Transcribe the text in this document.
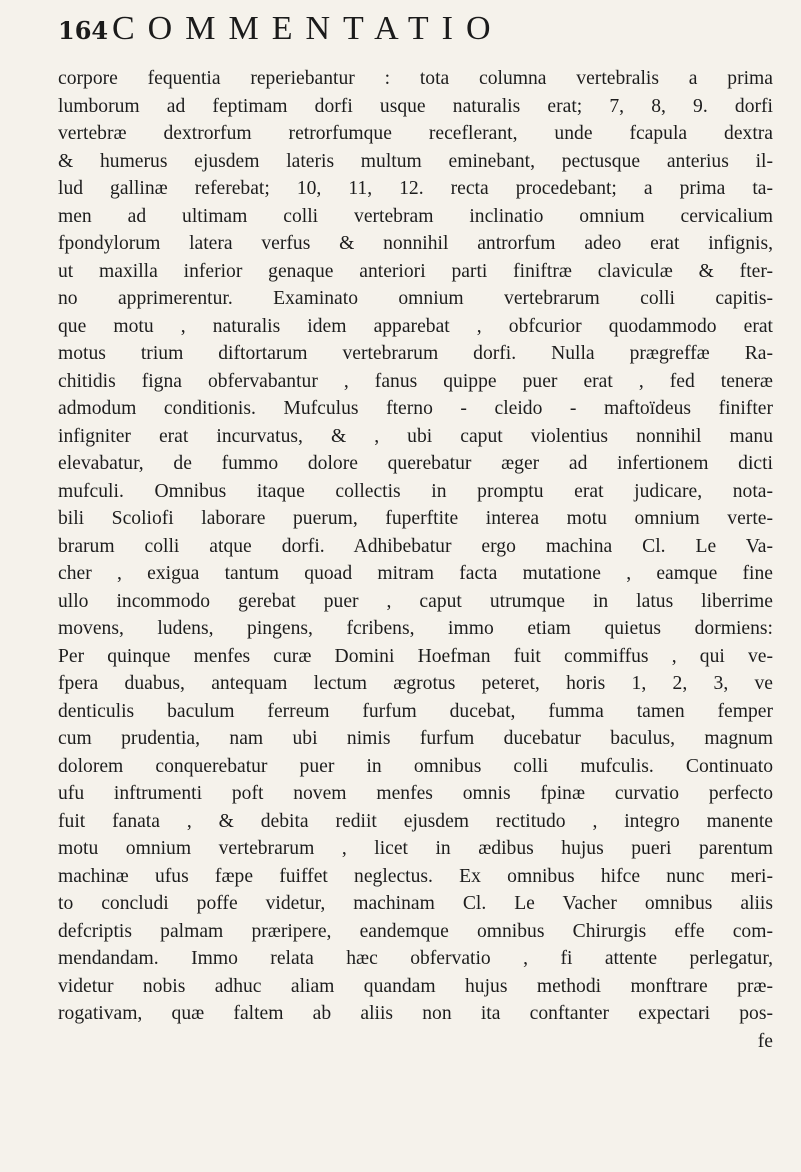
164 COMMENTATIO
corpore fequentia reperiebantur : tota columna vertebralis a prima
lumborum ad feptimam dorfi usque naturalis erat; 7, 8, 9. dorfi
vertebræ dextrorfum retrorfumque receflerant, unde fcapula dextra
& humerus ejusdem lateris multum eminebant, pectusque anterius il-
lud gallinæ referebat; 10, 11, 12. recta procedebant; a prima ta-
men ad ultimam colli vertebram inclinatio omnium cervicalium
fpondylorum latera verfus & nonnihil antrorfum adeo erat infignis,
ut maxilla inferior genaque anteriori parti finiftræ claviculæ & fter-
no apprimerentur. Examinato omnium vertebrarum colli capitis-
que motu , naturalis idem apparebat , obfcurior quodammodo erat
motus trium diftortarum vertebrarum dorfi. Nulla prægreffæ Ra-
chitidis figna obfervabantur , fanus quippe puer erat , fed teneræ
admodum conditionis. Mufculus fterno - cleido - maftoïdeus finifter
infigniter erat incurvatus, & , ubi caput violentius nonnihil manu
elevabatur, de fummo dolore querebatur æger ad infertionem dicti
mufculi. Omnibus itaque collectis in promptu erat judicare, nota-
bili Scoliofi laborare puerum, fuperftite interea motu omnium verte-
brarum colli atque dorfi. Adhibebatur ergo machina Cl. Le Va-
cher , exigua tantum quoad mitram facta mutatione , eamque fine
ullo incommodo gerebat puer , caput utrumque in latus liberrime
movens, ludens, pingens, fcribens, immo etiam quietus dormiens:
Per quinque menfes curæ Domini Hoefman fuit commiffus , qui ve-
fpera duabus, antequam lectum ægrotus peteret, horis 1, 2, 3, ve
denticulis baculum ferreum furfum ducebat, fumma tamen femper
cum prudentia, nam ubi nimis furfum ducebatur baculus, magnum
dolorem conquerebatur puer in omnibus colli mufculis. Continuato
ufu inftrumenti poft novem menfes omnis fpinæ curvatio perfecto
fuit fanata , & debita rediit ejusdem rectitudo , integro manente
motu omnium vertebrarum , licet in ædibus hujus pueri parentum
machinæ ufus fæpe fuiffet neglectus. Ex omnibus hifce nunc meri-
to concludi poffe videtur, machinam Cl. Le Vacher omnibus aliis
defcriptis palmam præripere, eandemque omnibus Chirurgis effe com-
mendandam. Immo relata hæc obfervatio , fi attente perlegatur,
videtur nobis adhuc aliam quandam hujus methodi monftrare præ-
rogativam, quæ faltem ab aliis non ita conftanter expectari pos-
fe
